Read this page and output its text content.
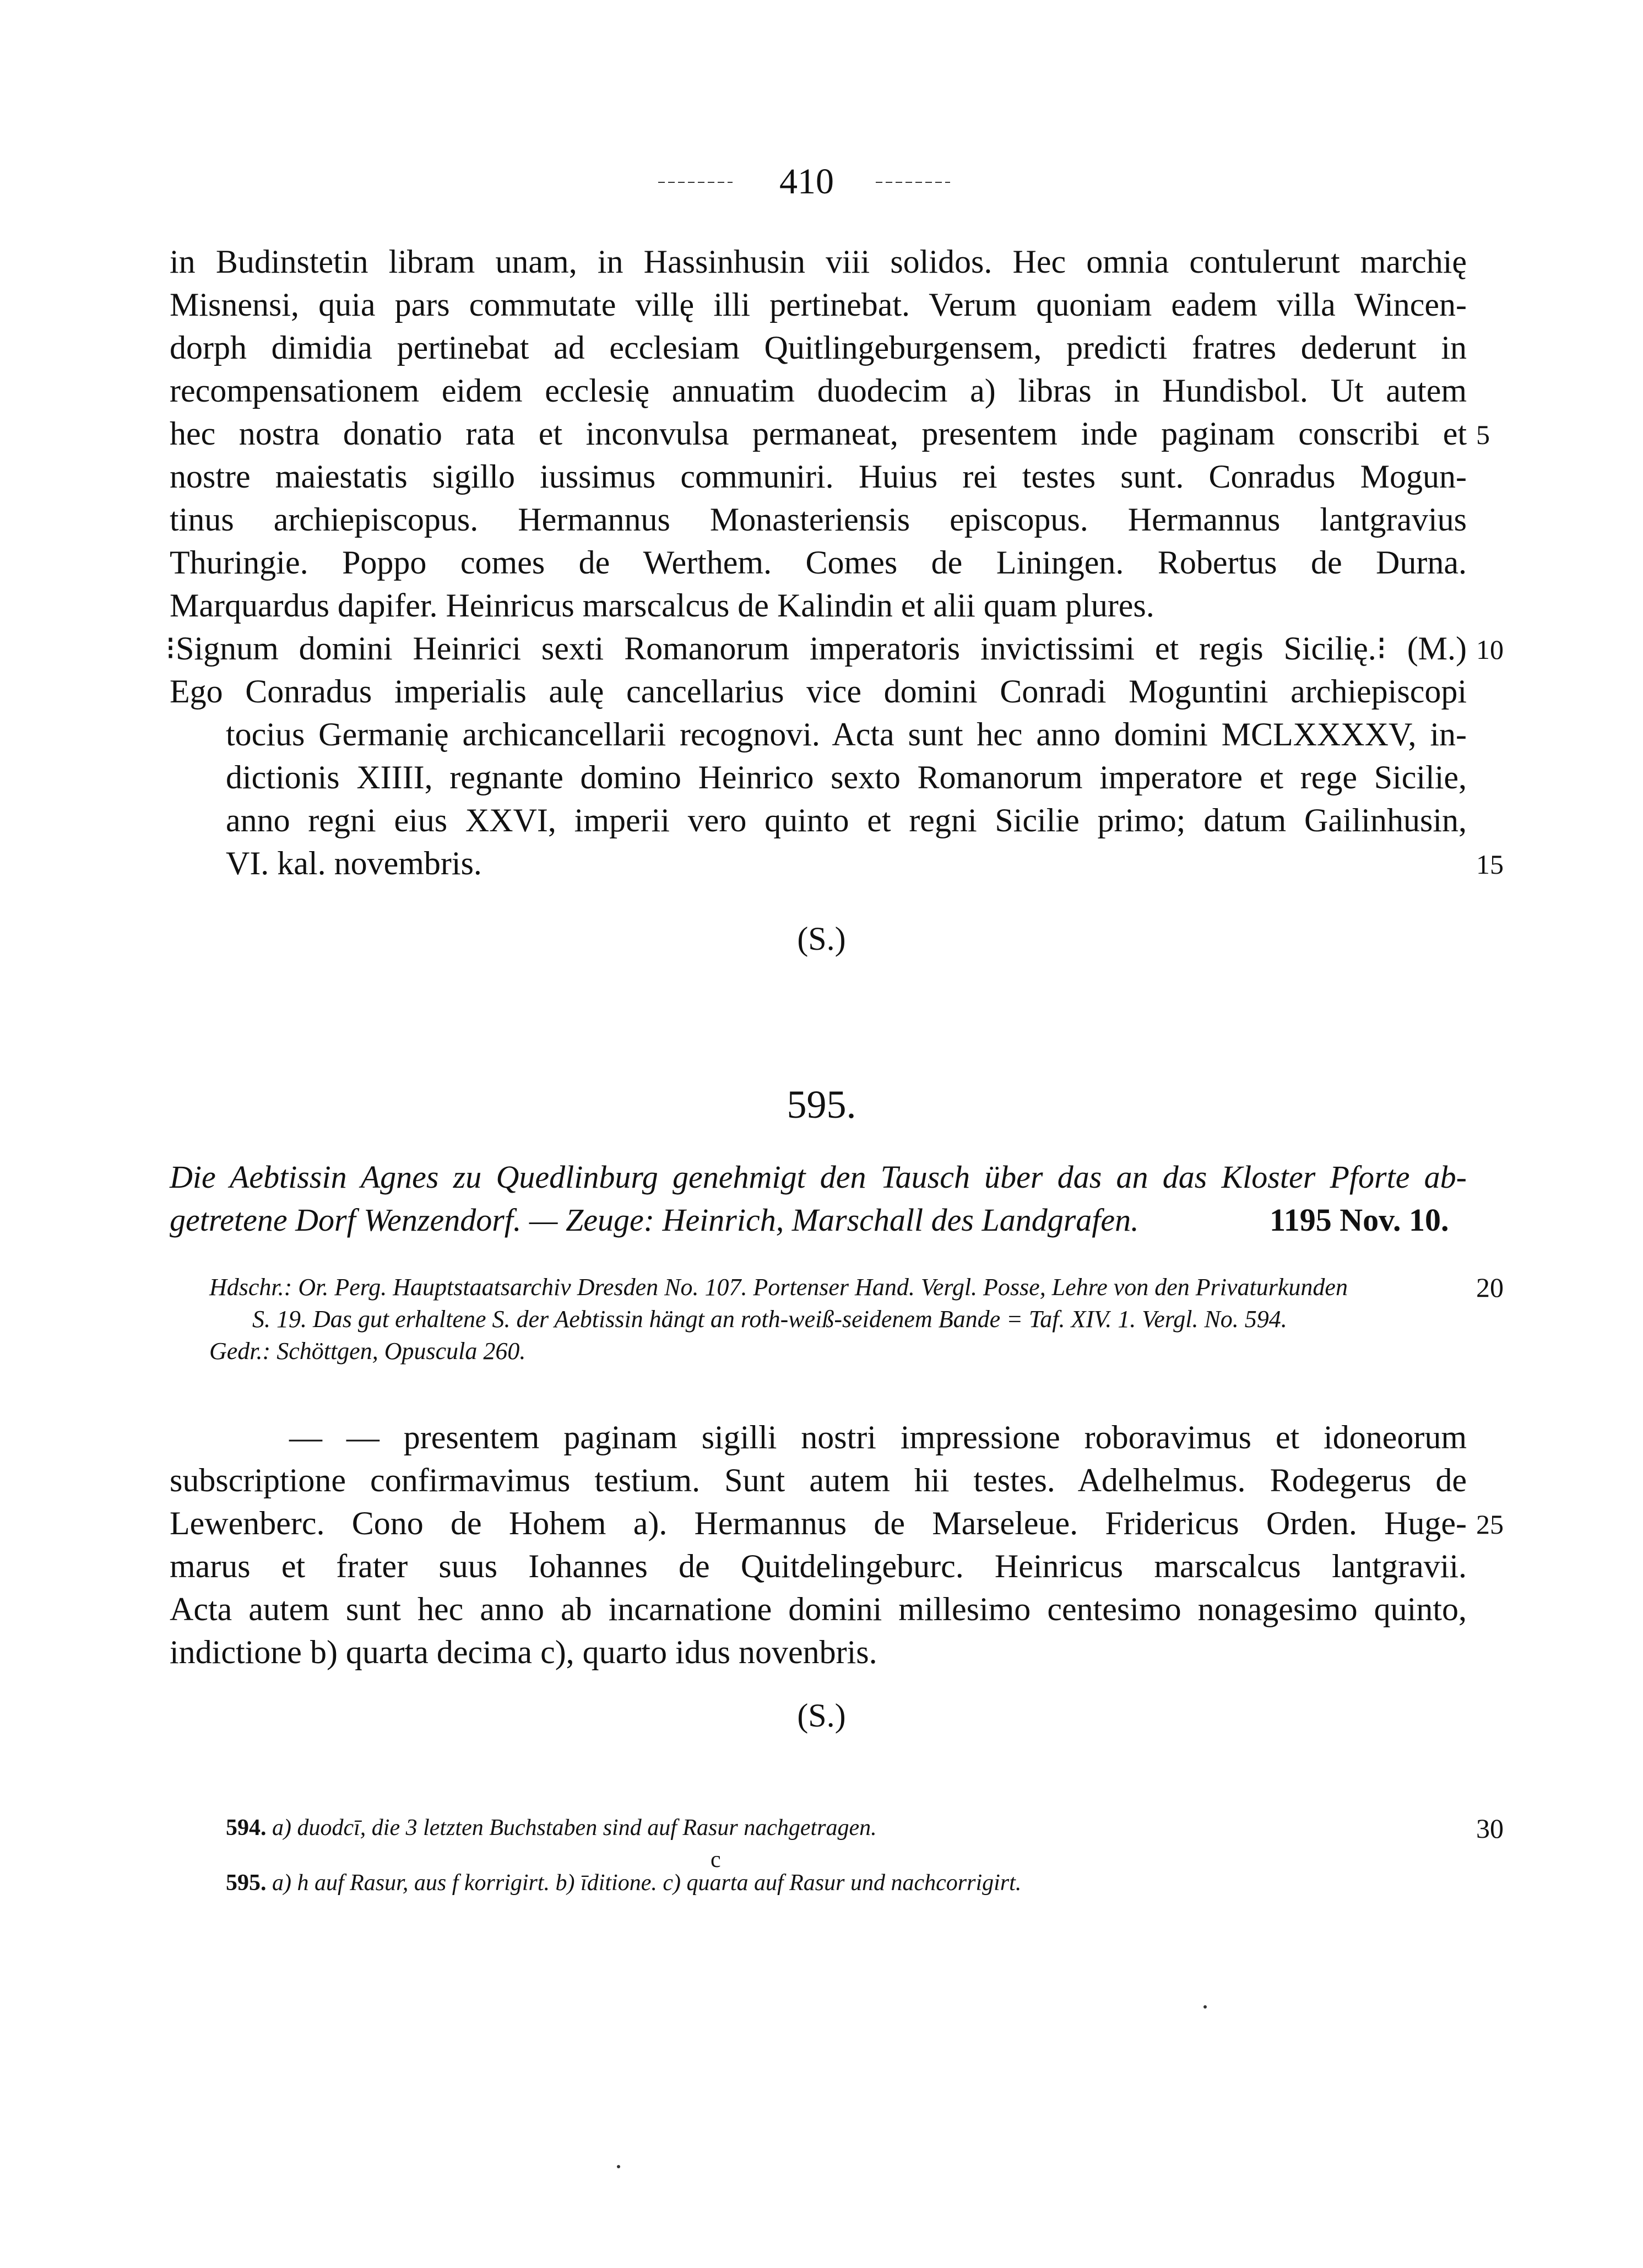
410
in Budinstetin libram unam, in Hassinhusin viii solidos. Hec omnia contulerunt marchię
Misnensi, quia pars commutate villę illi pertinebat. Verum quoniam eadem villa Wincen-
dorph dimidia pertinebat ad ecclesiam Quitlingeburgensem, predicti fratres dederunt in
recompensationem eidem ecclesię annuatim duodecim a) libras in Hundisbol. Ut autem
hec nostra donatio rata et inconvulsa permaneat, presentem inde paginam conscribi et
nostre maiestatis sigillo iussimus communiri. Huius rei testes sunt. Conradus Mogun-
tinus archiepiscopus. Hermannus Monasteriensis episcopus. Hermannus lantgravius
Thuringie. Poppo comes de Werthem. Comes de Liningen. Robertus de Durna.
Marquardus dapifer. Heinricus marscalcus de Kalindin et alii quam plures.
⁝Signum domini Heinrici sexti Romanorum imperatoris invictissimi et regis Sicilię.⁝ (M.)
Ego Conradus imperialis aulę cancellarius vice domini Conradi Moguntini archiepiscopi
tocius Germanię archicancellarii recognovi. Acta sunt hec anno domini MCLXXXXV, in-
dictionis XIIII, regnante domino Heinrico sexto Romanorum imperatore et rege Sicilie,
anno regni eius XXVI, imperii vero quinto et regni Sicilie primo; datum Gailinhusin,
VI. kal. novembris.
5
10
15
(S.)
595.
Die Aebtissin Agnes zu Quedlinburg genehmigt den Tausch über das an das Kloster Pforte ab-
getretene Dorf Wenzendorf. — Zeuge: Heinrich, Marschall des Landgrafen.	1195 Nov. 10.
Hdschr.: Or. Perg. Hauptstaatsarchiv Dresden No. 107. Portenser Hand. Vergl. Posse, Lehre von den Privaturkunden
S. 19. Das gut erhaltene S. der Aebtissin hängt an roth-weiß-seidenem Bande = Taf. XIV. 1. Vergl. No. 594.
Gedr.: Schöttgen, Opuscula 260.
20
— — presentem paginam sigilli nostri impressione roboravimus et idoneorum
subscriptione confirmavimus testium. Sunt autem hii testes. Adelhelmus. Rodegerus de
Lewenberc. Cono de Hohem a). Hermannus de Marseleue. Fridericus Orden. Huge-
marus et frater suus Iohannes de Quitdelingeburc. Heinricus marscalcus lantgravii.
Acta autem sunt hec anno ab incarnatione domini millesimo centesimo nonagesimo quinto,
indictione b) quarta decima c), quarto idus novenbris.
25
(S.)
594. a) duodcī, die 3 letzten Buchstaben sind auf Rasur nachgetragen.	30
c
595. a) h auf Rasur, aus f korrigirt. b) īditione. c) quarta auf Rasur und nachcorrigirt.
